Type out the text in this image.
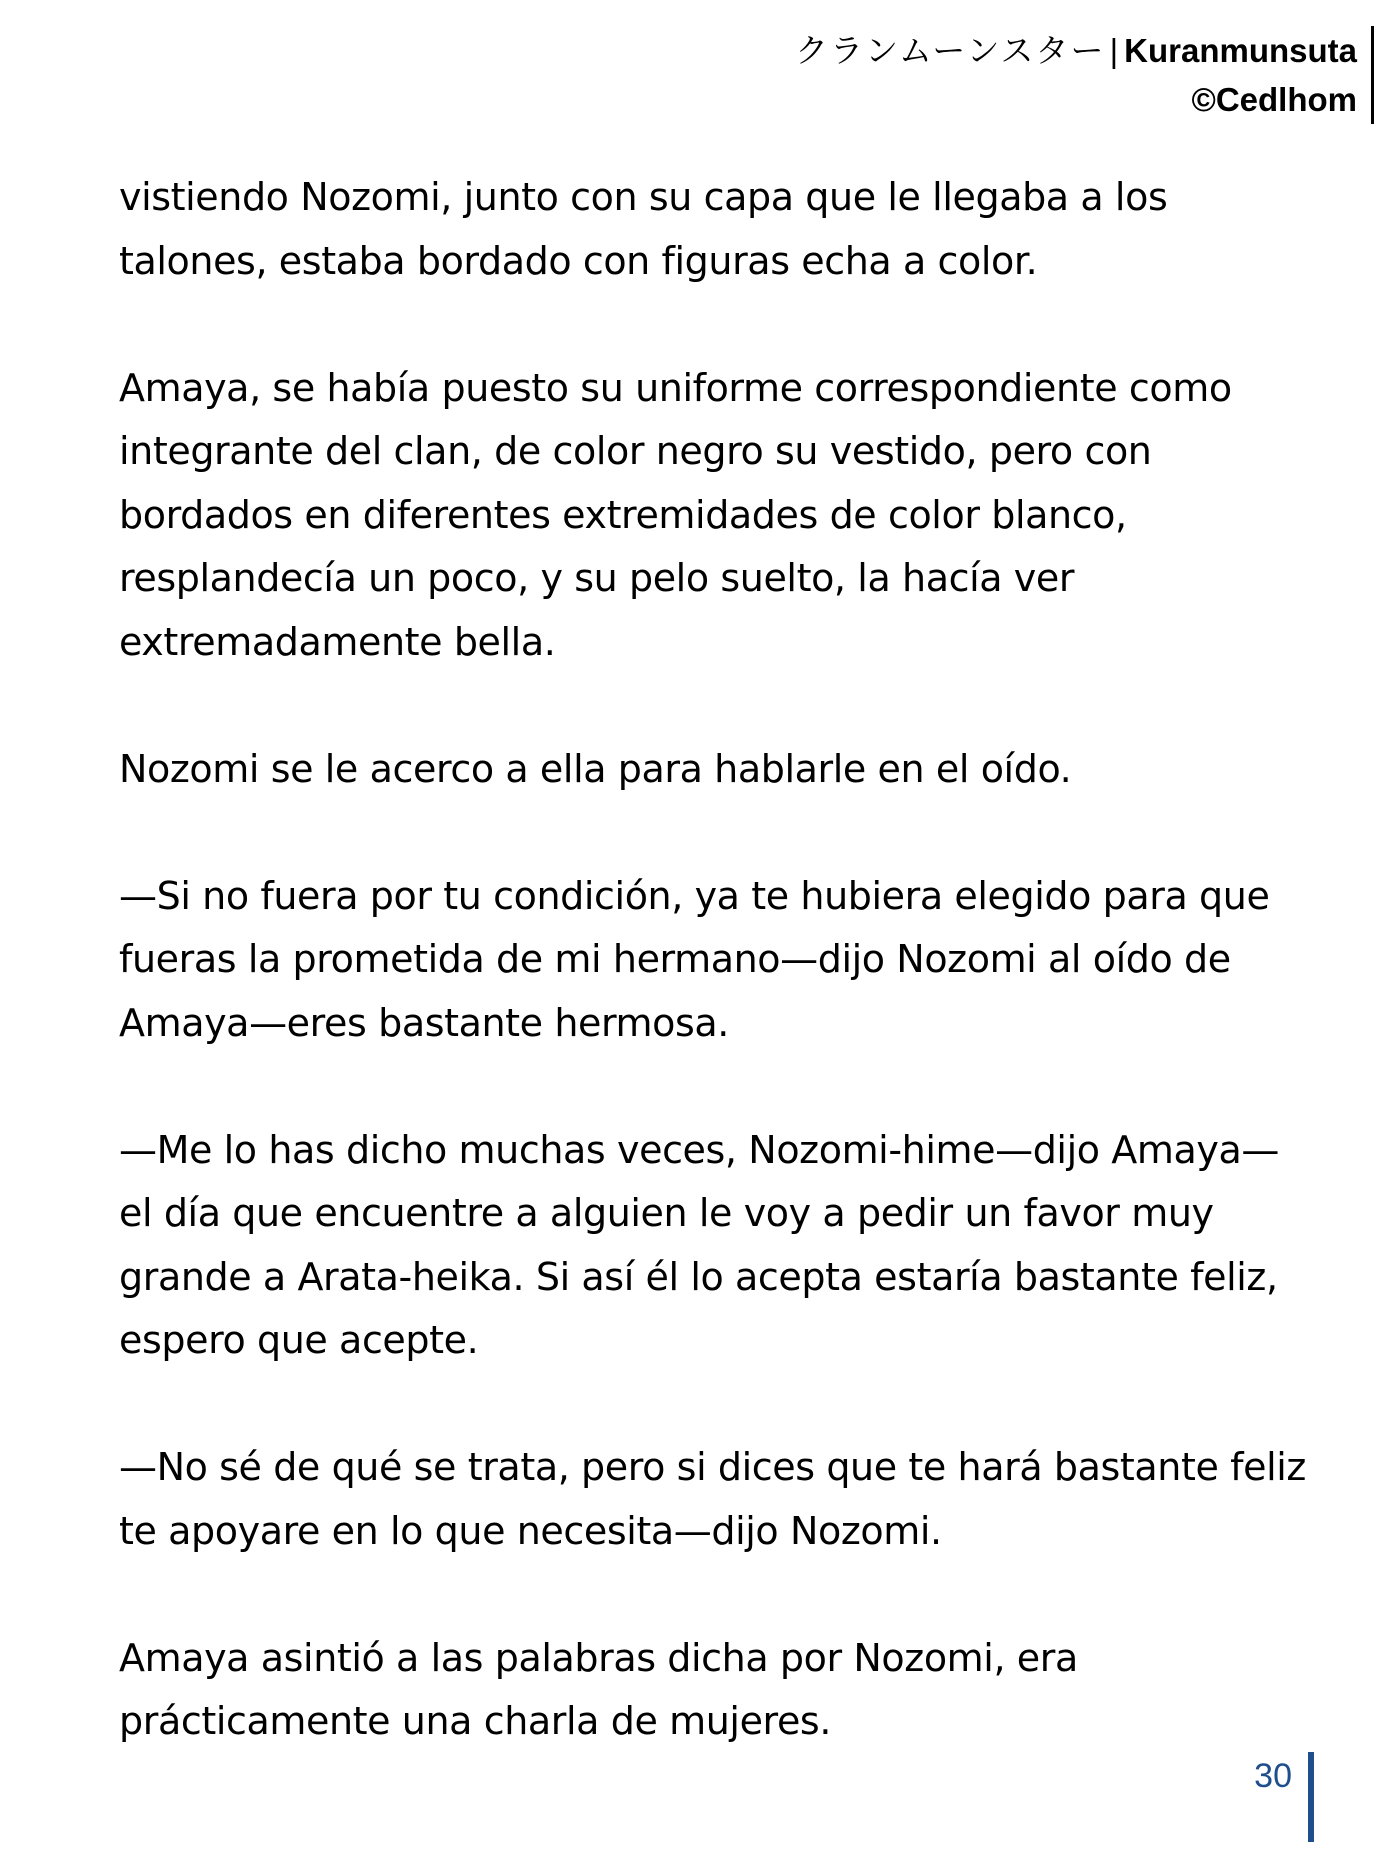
クランムーンスター | Kuranmunsuta
©Cedlhom

vistiendo Nozomi, junto con su capa que le llegaba a los talones, estaba bordado con figuras echa a color.

Amaya, se había puesto su uniforme correspondiente como integrante del clan, de color negro su vestido, pero con bordados en diferentes extremidades de color blanco, resplandecía un poco, y su pelo suelto, la hacía ver extremadamente bella.

Nozomi se le acerco a ella para hablarle en el oído.

—Si no fuera por tu condición, ya te hubiera elegido para que fueras la prometida de mi hermano—dijo Nozomi al oído de Amaya—eres bastante hermosa.

—Me lo has dicho muchas veces, Nozomi-hime—dijo Amaya—el día que encuentre a alguien le voy a pedir un favor muy grande a Arata-heika. Si así él lo acepta estaría bastante feliz, espero que acepte.

—No sé de qué se trata, pero si dices que te hará bastante feliz te apoyare en lo que necesita—dijo Nozomi.

Amaya asintió a las palabras dicha por Nozomi, era prácticamente una charla de mujeres.

30
